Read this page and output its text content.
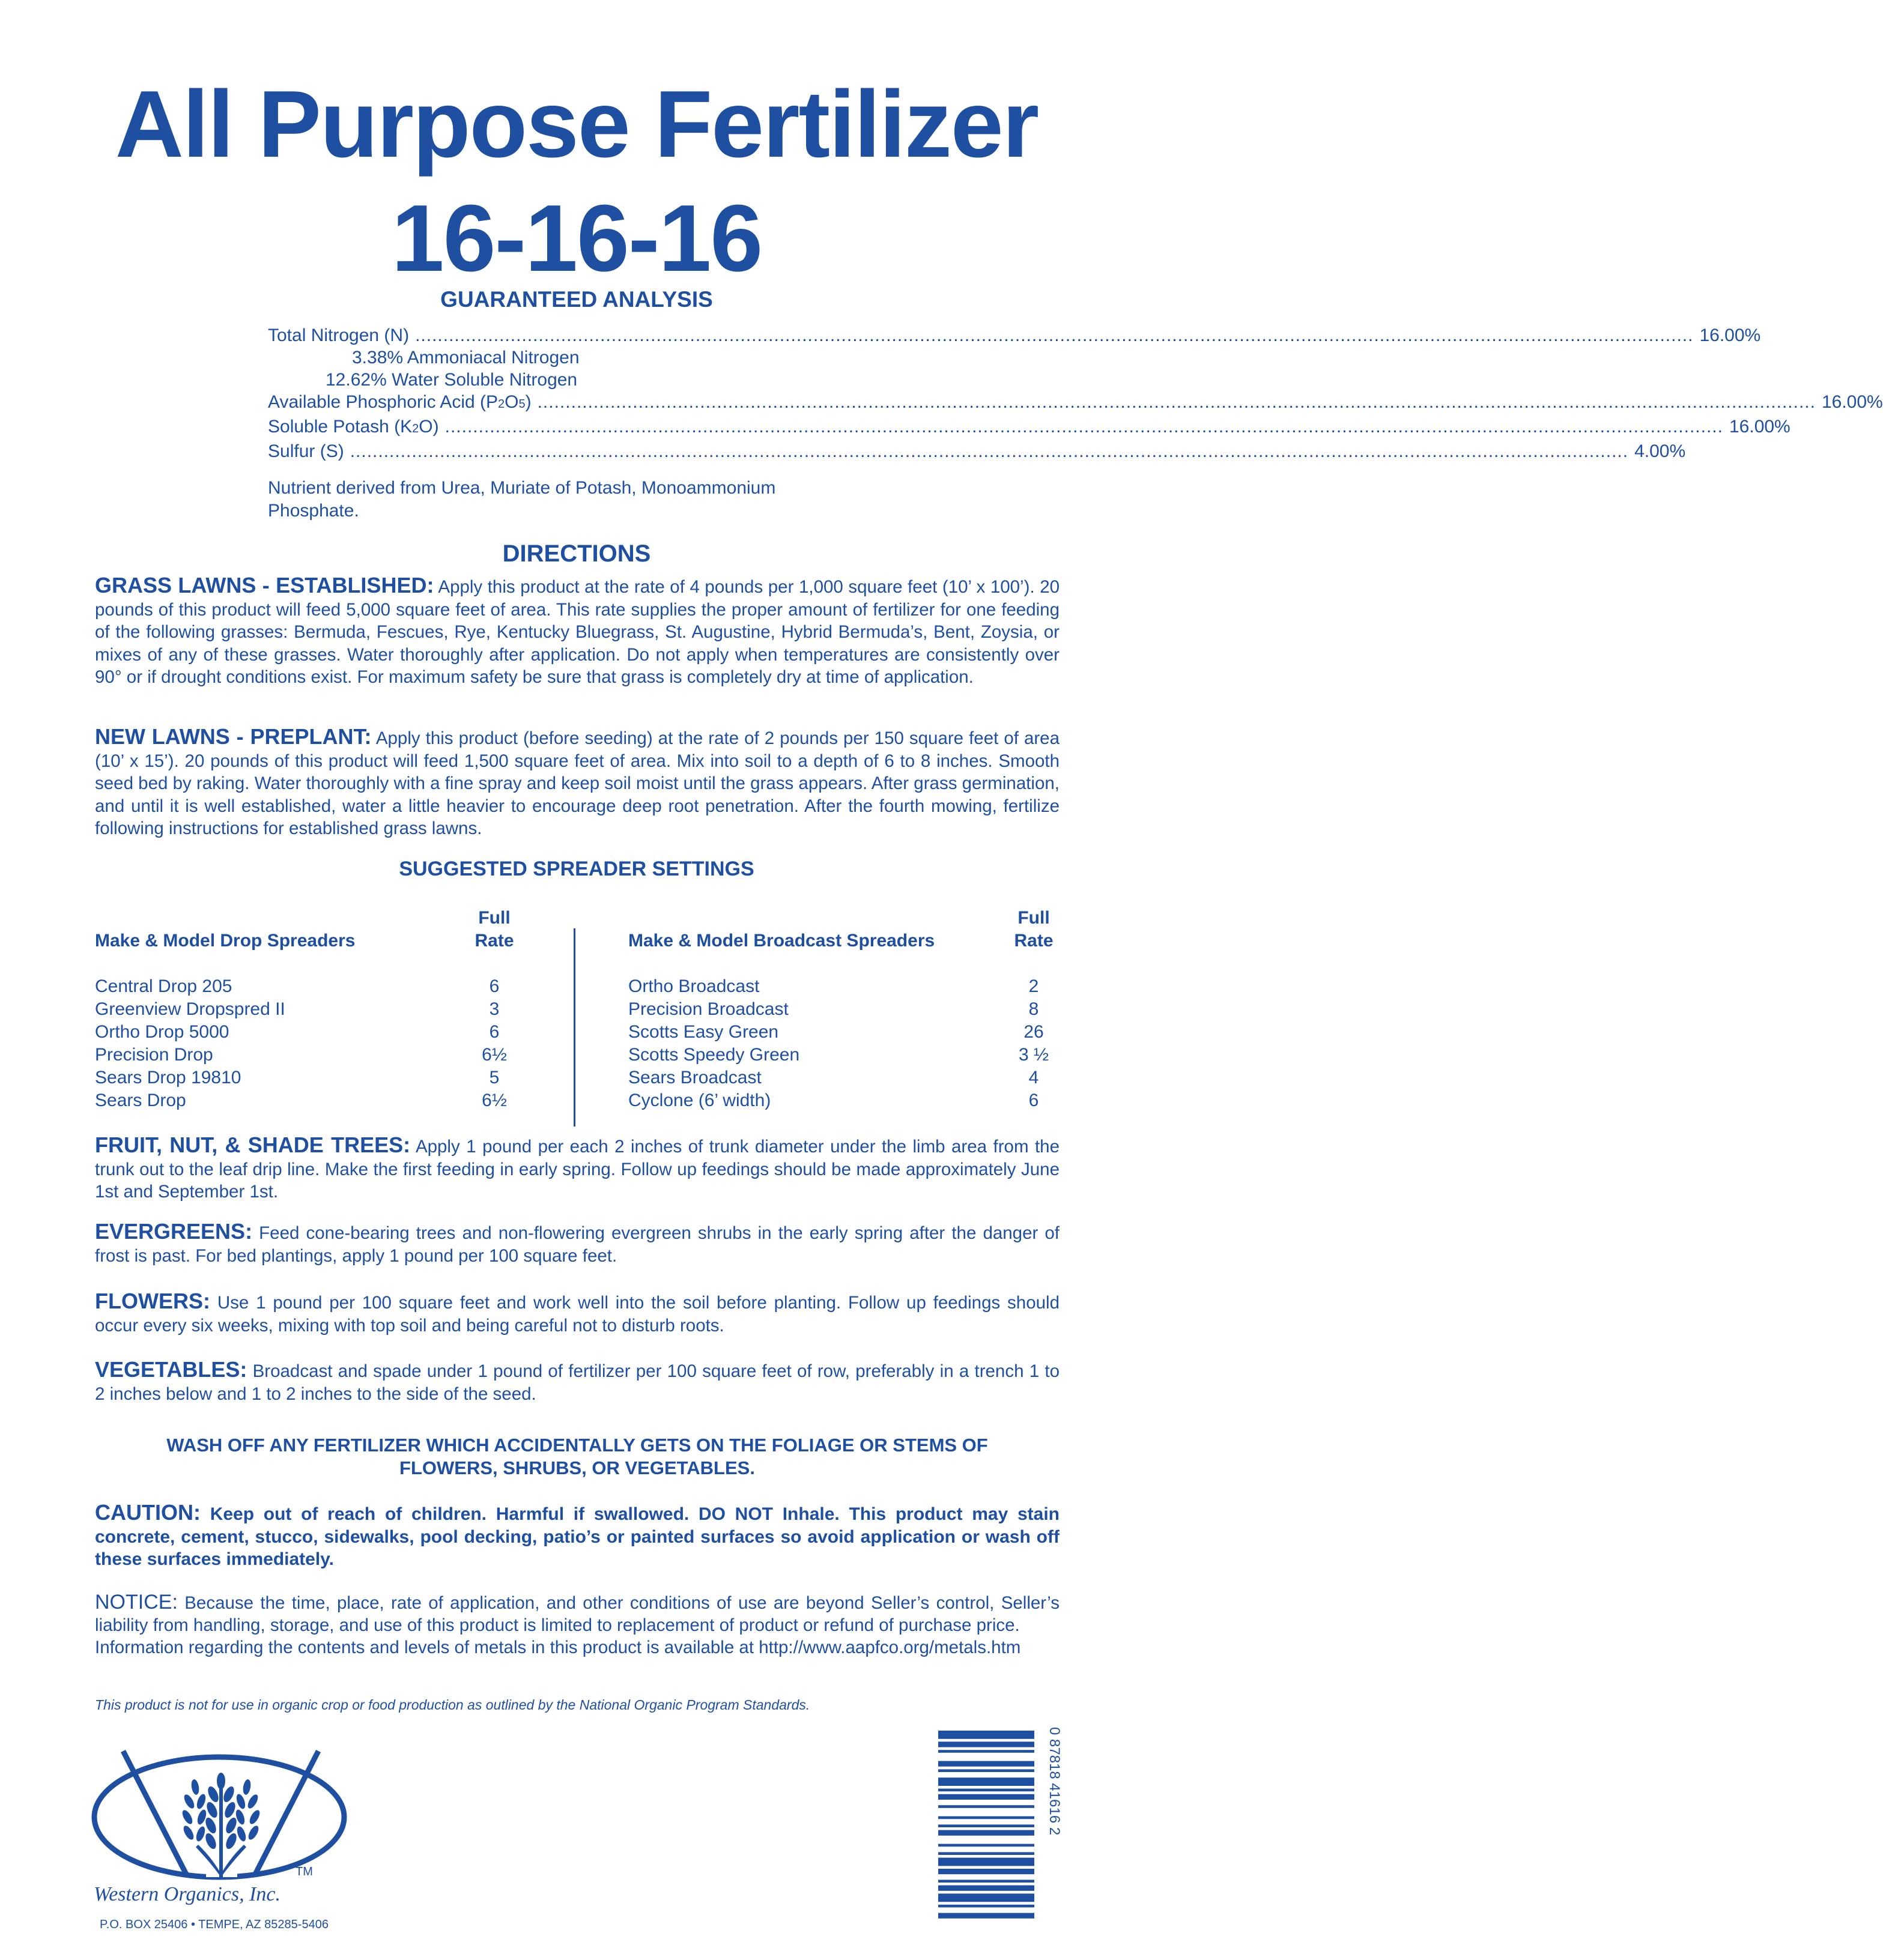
All Purpose Fertilizer
16-16-16
GUARANTEED ANALYSIS
Total Nitrogen (N) .....	16.00%
3.38% Ammoniacal Nitrogen
12.62% Water Soluble Nitrogen
Available Phosphoric Acid (P2O5) .....	16.00%
Soluble Potash (K2O) .....	16.00%
Sulfur (S) .....	4.00%
Nutrient derived from Urea, Muriate of Potash, Monoammonium Phosphate.
DIRECTIONS
GRASS LAWNS - ESTABLISHED: Apply this product at the rate of 4 pounds per 1,000 square feet (10’ x 100’). 20 pounds of this product will feed 5,000 square feet of area. This rate supplies the proper amount of fertilizer for one feeding of the following grasses: Bermuda, Fescues, Rye, Kentucky Bluegrass, St. Augustine, Hybrid Bermuda’s, Bent, Zoysia, or mixes of any of these grasses. Water thoroughly after application. Do not apply when temperatures are consistently over 90° or if drought conditions exist. For maximum safety be sure that grass is completely dry at time of application.
NEW LAWNS - PREPLANT: Apply this product (before seeding) at the rate of 2 pounds per 150 square feet of area (10’ x 15’). 20 pounds of this product will feed 1,500 square feet of area. Mix into soil to a depth of 6 to 8 inches. Smooth seed bed by raking. Water thoroughly with a fine spray and keep soil moist until the grass appears. After grass germination, and until it is well established, water a little heavier to encourage deep root penetration. After the fourth mowing, fertilize following instructions for established grass lawns.
SUGGESTED SPREADER SETTINGS

Full
Make & Model Drop Spreaders	Rate
Central Drop 205	6
Greenview Dropspred II	3
Ortho Drop 5000	6
Precision Drop	6½
Sears Drop 19810	5
Sears Drop	6½

Full
Make & Model Broadcast Spreaders	Rate
Ortho Broadcast	2
Precision Broadcast	8
Scotts Easy Green	26
Scotts Speedy Green	3 ½
Sears Broadcast	4
Cyclone (6’ width)	6
FRUIT, NUT, & SHADE TREES: Apply 1 pound per each 2 inches of trunk diameter under the limb area from the trunk out to the leaf drip line. Make the first feeding in early spring. Follow up feedings should be made approximately June 1st and September 1st.
EVERGREENS: Feed cone-bearing trees and non-flowering evergreen shrubs in the early spring after the danger of frost is past. For bed plantings, apply 1 pound per 100 square feet.
FLOWERS: Use 1 pound per 100 square feet and work well into the soil before planting. Follow up feedings should occur every six weeks, mixing with top soil and being careful not to disturb roots.
VEGETABLES: Broadcast and spade under 1 pound of fertilizer per 100 square feet of row, preferably in a trench 1 to 2 inches below and 1 to 2 inches to the side of the seed.
WASH OFF ANY FERTILIZER WHICH ACCIDENTALLY GETS ON THE FOLIAGE OR STEMS OF
FLOWERS, SHRUBS, OR VEGETABLES.
CAUTION: Keep out of reach of children. Harmful if swallowed. DO NOT Inhale. This product may stain concrete, cement, stucco, sidewalks, pool decking, patio’s or painted surfaces so avoid application or wash off these surfaces immediately.
NOTICE: Because the time, place, rate of application, and other conditions of use are beyond Seller’s control, Seller’s liability from handling, storage, and use of this product is limited to replacement of product or refund of purchase price.
Information regarding the contents and levels of metals in this product is available at http://www.aapfco.org/metals.htm
This product is not for use in organic crop or food production as outlined by the National Organic Program Standards.
TM
Western Organics, Inc.
P.O. BOX 25406 • TEMPE, AZ 85285-5406
0 87818 41616 2
